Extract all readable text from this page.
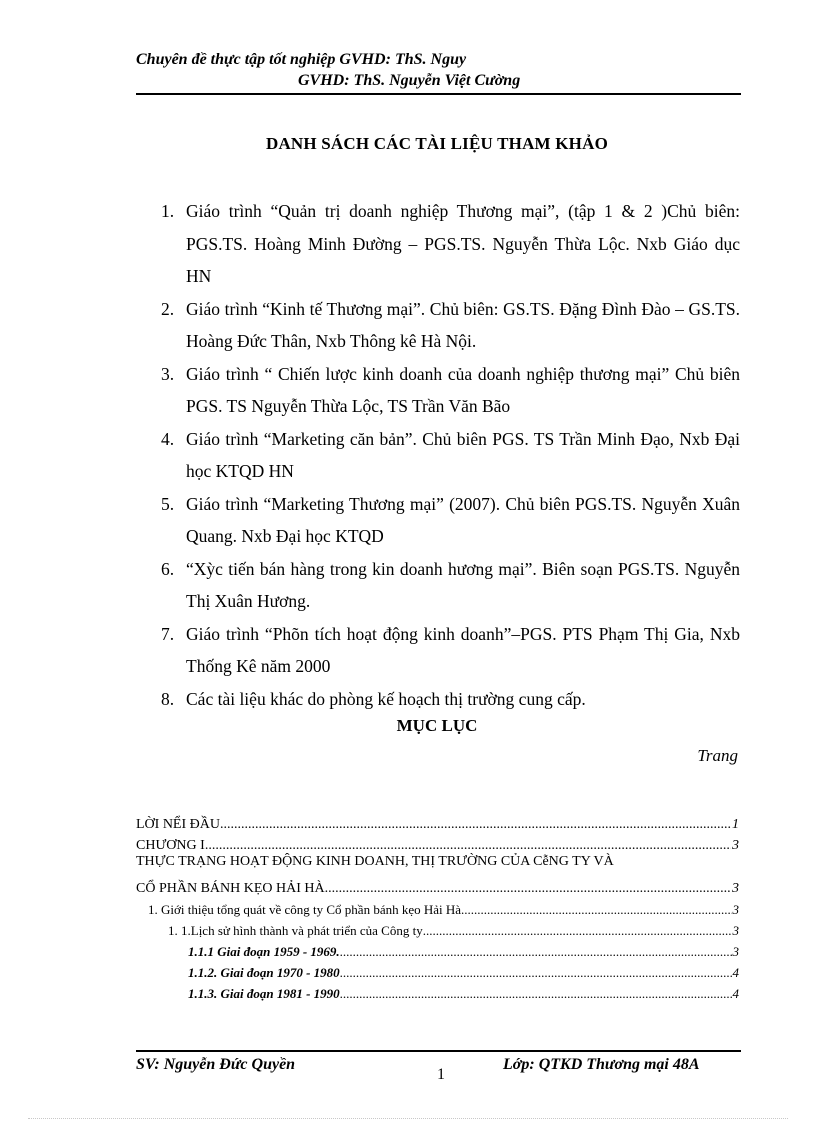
Chuyên đề thực tập tốt nghiệp GVHD: ThS. Nguy
GVHD: ThS. Nguyễn Việt Cường
DANH SÁCH CÁC TÀI LIỆU THAM KHẢO
1. Giáo trình “Quản trị doanh nghiệp Thương mại”, (tập 1 & 2 )Chủ biên: PGS.TS. Hoàng Minh Đường – PGS.TS. Nguyễn Thừa Lộc. Nxb Giáo dục HN
2. Giáo trình “Kinh tế Thương mại”. Chủ biên: GS.TS. Đặng Đình Đào – GS.TS. Hoàng Đức Thân, Nxb Thông kê Hà Nội.
3. Giáo trình “ Chiến lược kinh doanh của doanh nghiệp thương mại” Chủ biên PGS. TS Nguyễn Thừa Lộc, TS Trần Văn Bão
4. Giáo trình “Marketing căn bản”. Chủ biên PGS. TS Trần Minh Đạo, Nxb Đại học KTQD HN
5. Giáo trình “Marketing Thương mại” (2007). Chủ biên PGS.TS. Nguyễn Xuân Quang. Nxb Đại học KTQD
6. “Xỳc tiến bán hàng trong kin doanh hương mại”. Biên soạn PGS.TS. Nguyễn Thị Xuân Hương.
7. Giáo trình “Phõn tích hoạt động kinh doanh”–PGS. PTS Phạm Thị Gia, Nxb Thống Kê năm 2000
8. Các tài liệu khác do phòng kế hoạch thị trường cung cấp.
MỤC LỤC
Trang
LỜI NỂI ĐẦU .....	1
CHƯƠNG I .....	3
THỰC TRẠNG HOẠT ĐỘNG KINH DOANH, THỊ TRƯỜNG CỦA CễNG TY VÀ
CỔ PHẦN BÁNH KẸO HẢI HÀ .....	3
1. Giới thiệu tổng quát về công ty Cổ phần bánh kẹo Hải Hà .....	3
1. 1.Lịch sử hình thành và phát triển của Công ty .....	3
1.1.1 Giai đoạn 1959 - 1969. .....	3
1.1.2. Giai đoạn 1970 - 1980 .....	4
1.1.3. Giai đoạn 1981 - 1990 .....	4
SV: Nguyễn Đức Quyền
1
Lớp: QTKD Thương mại 48A
